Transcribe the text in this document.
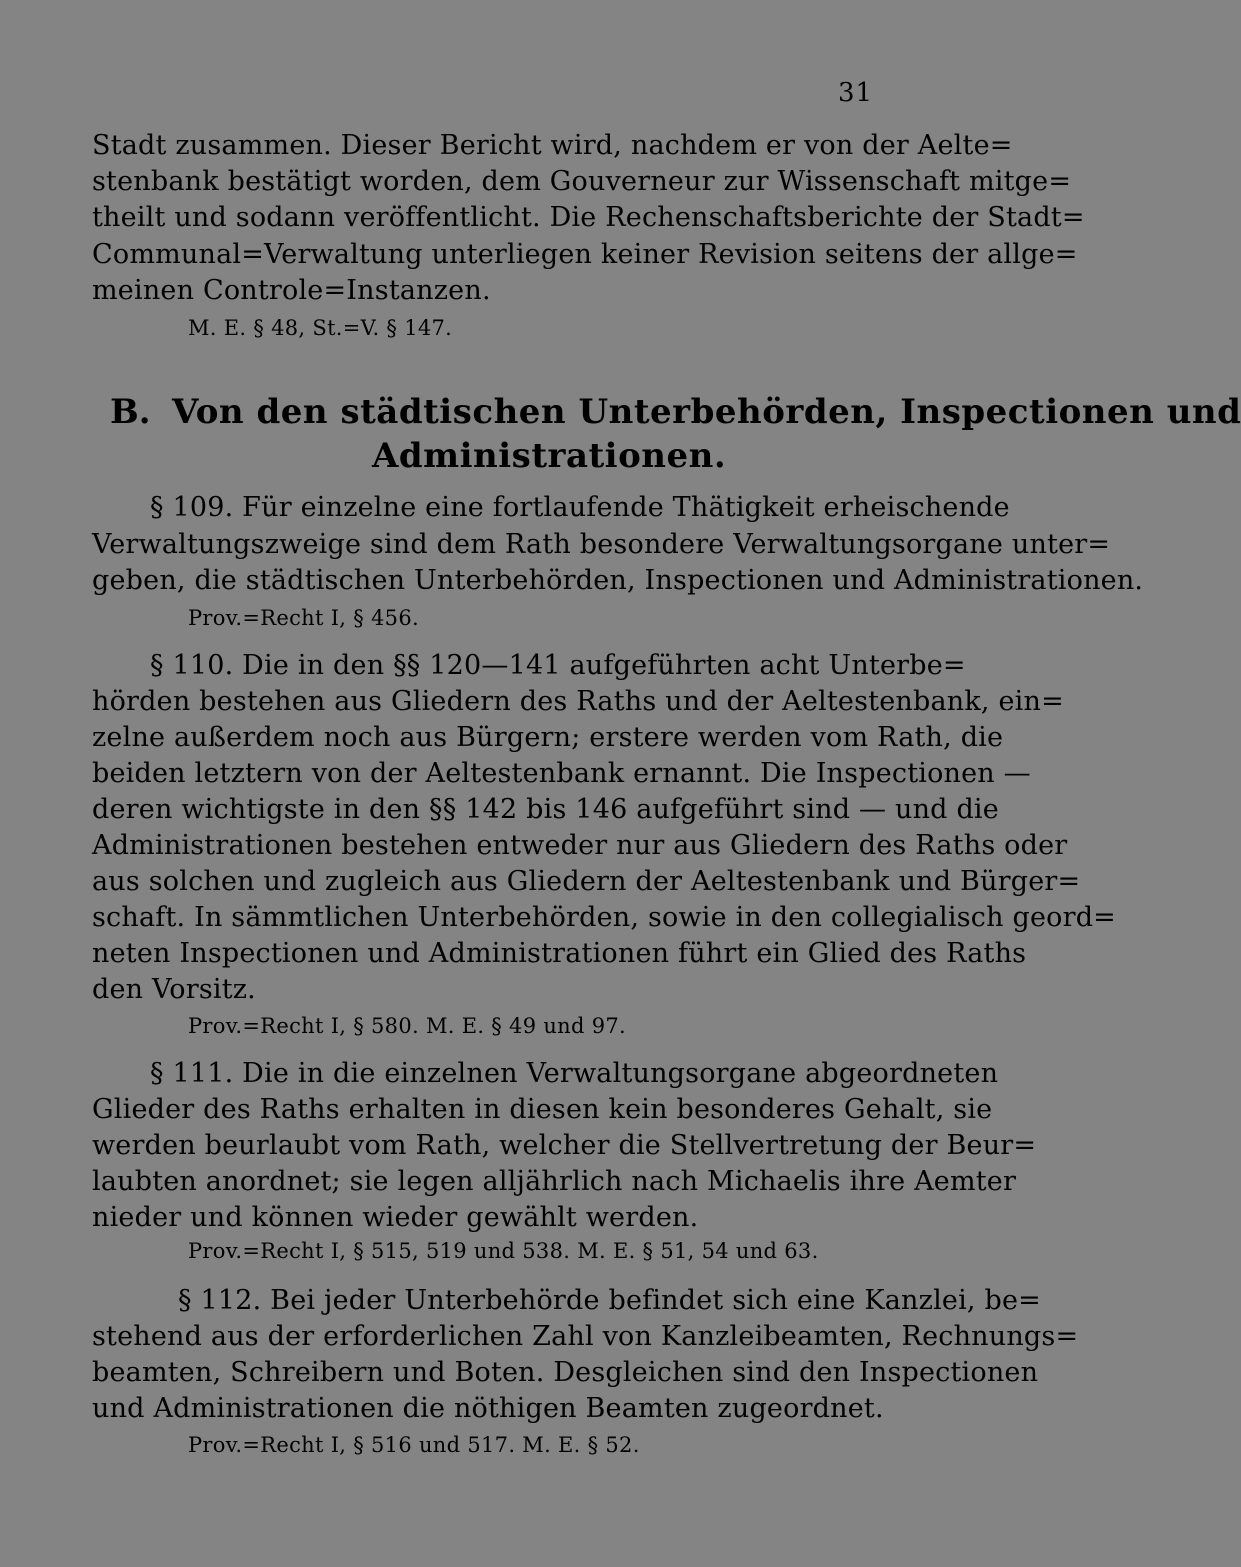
31
Stadt zusammen. Dieser Bericht wird, nachdem er von der Aelte=
stenbank bestätigt worden, dem Gouverneur zur Wissenschaft mitge=
theilt und sodann veröffentlicht. Die Rechenschaftsberichte der Stadt=
Communal=Verwaltung unterliegen keiner Revision seitens der allge=
meinen Controle=Instanzen.
M. E. § 48, St.=V. § 147.
B. Von den städtischen Unterbehörden, Inspectionen und
Administrationen.
§ 109. Für einzelne eine fortlaufende Thätigkeit erheischende
Verwaltungszweige sind dem Rath besondere Verwaltungsorgane unter=
geben, die städtischen Unterbehörden, Inspectionen und Administrationen.
Prov.=Recht I, § 456.
§ 110. Die in den §§ 120—141 aufgeführten acht Unterbe=
hörden bestehen aus Gliedern des Raths und der Aeltestenbank, ein=
zelne außerdem noch aus Bürgern; erstere werden vom Rath, die
beiden letztern von der Aeltestenbank ernannt. Die Inspectionen —
deren wichtigste in den §§ 142 bis 146 aufgeführt sind — und die
Administrationen bestehen entweder nur aus Gliedern des Raths oder
aus solchen und zugleich aus Gliedern der Aeltestenbank und Bürger=
schaft. In sämmtlichen Unterbehörden, sowie in den collegialisch geord=
neten Inspectionen und Administrationen führt ein Glied des Raths
den Vorsitz.
Prov.=Recht I, § 580. M. E. § 49 und 97.
§ 111. Die in die einzelnen Verwaltungsorgane abgeordneten
Glieder des Raths erhalten in diesen kein besonderes Gehalt, sie
werden beurlaubt vom Rath, welcher die Stellvertretung der Beur=
laubten anordnet; sie legen alljährlich nach Michaelis ihre Aemter
nieder und können wieder gewählt werden.
Prov.=Recht I, § 515, 519 und 538. M. E. § 51, 54 und 63.
§ 112. Bei jeder Unterbehörde befindet sich eine Kanzlei, be=
stehend aus der erforderlichen Zahl von Kanzleibeamten, Rechnungs=
beamten, Schreibern und Boten. Desgleichen sind den Inspectionen
und Administrationen die nöthigen Beamten zugeordnet.
Prov.=Recht I, § 516 und 517. M. E. § 52.
